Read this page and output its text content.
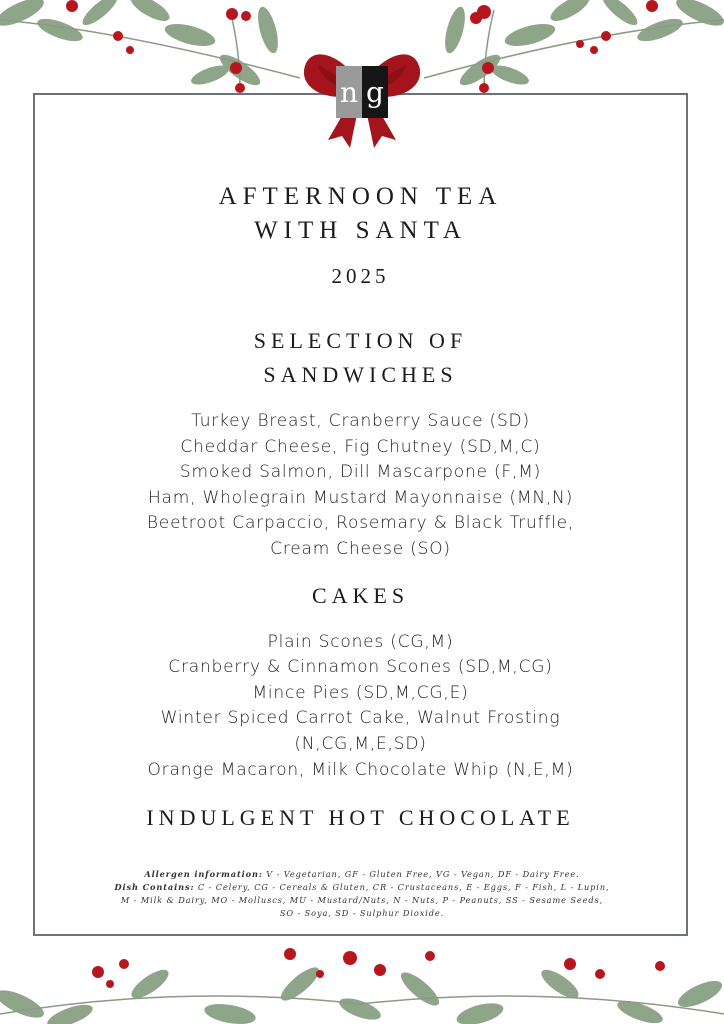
n g
AFTERNOON TEA
WITH SANTA
2025
SELECTION OF
SANDWICHES
Turkey Breast, Cranberry Sauce (SD)
Cheddar Cheese, Fig Chutney (SD,M,C)
Smoked Salmon, Dill Mascarpone (F,M)
Ham, Wholegrain Mustard Mayonnaise (MN,N)
Beetroot Carpaccio, Rosemary & Black Truffle,
Cream Cheese (SO)
CAKES
Plain Scones (CG,M)
Cranberry & Cinnamon Scones (SD,M,CG)
Mince Pies (SD,M,CG,E)
Winter Spiced Carrot Cake, Walnut Frosting
(N,CG,M,E,SD)
Orange Macaron, Milk Chocolate Whip (N,E,M)
INDULGENT HOT CHOCOLATE
Allergen information: V - Vegetarian, GF - Gluten Free, VG - Vegan, DF - Dairy Free.
Dish Contains: C - Celery, CG - Cereals & Gluten, CR - Crustaceans, E - Eggs, F - Fish, L - Lupin,
M - Milk & Dairy, MO - Molluscs, MU - Mustard/Nuts, N - Nuts, P - Peanuts, SS - Sesame Seeds,
SO - Soya, SD - Sulphur Dioxide.
